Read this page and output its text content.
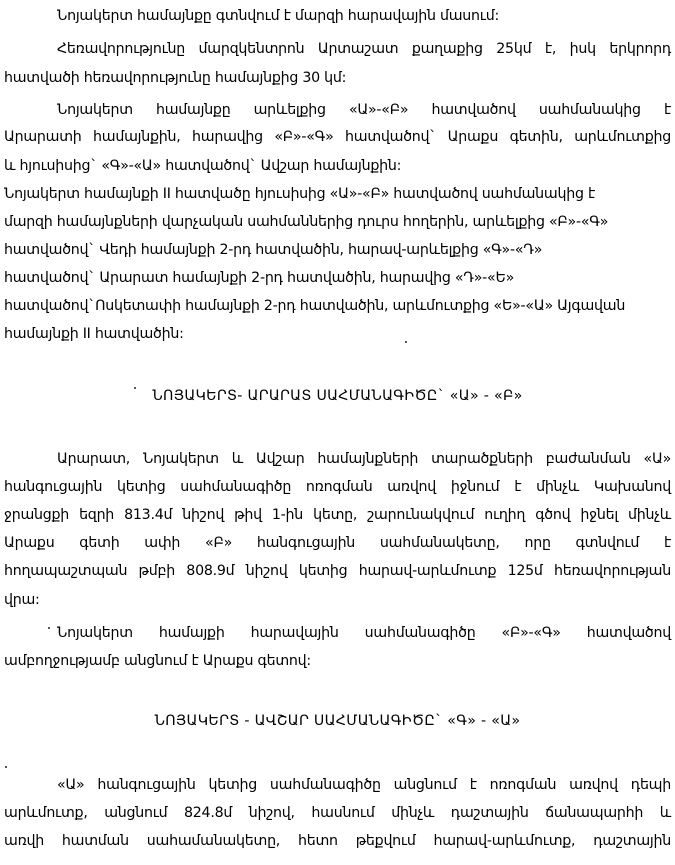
Նոյակերտ համայնքը գտնվում է մարզի հարավային մասում:
Հեռավորությունը մարզկենտրոն Արտաշատ քաղաքից 25կմ է, իսկ երկրորդ
հատվածի հեռավորությունը համայնքից 30 կմ:
Նոյակերտ համայնքը արևելքից «Ա»-«Բ» հատվածով սահմանակից է
Արարատի համայնքին, հարավից «Բ»-«Գ» հատվածով` Արաքս գետին, արևմուտքից
և հյուսիսից` «Գ»-«Ա» հատվածով` Ավշար համայնքին:
Նոյակերտ համայնքի II հատվածը հյուսիսից «Ա»-«Բ» հատվածով սահմանակից է
մարզի համայնքների վարչական սահմաններից դուրս հողերին, արևելքից «Բ»-«Գ»
հատվածով` Վեդի համայնքի 2-րդ հատվածին, հարավ-արևելքից «Գ»-«Դ»
հատվածով` Արարատ համայնքի 2-րդ հատվածին, հարավից «Դ»-«Ե»
հատվածով`Ոսկետափի համայնքի 2-րդ հատվածին, արևմուտքից «Ե»-«Ա» Այգավան
համայնքի II հատվածին:
ՆՈՅԱԿԵՐՏ- ԱՐԱՐԱՏ ՍԱՀՄԱՆԱԳԻԾԸ` «Ա» - «Բ»
Արարատ, Նոյակերտ և Ավշար համայնքների տարածքների բաժանման «Ա»
հանգուցային կետից սահմանագիծը ոռոգման առվով իջնում է մինչև Կախանով
ջրանցքի եզրի 813.4մ նիշով թիվ 1-ին կետը, շարունակվում ուղիղ գծով իջնել մինչև
Արաքս գետի ափի «Բ» հանգուցային սահմանակետը, որը գտնվում է
հողապաշտպան թմբի 808.9մ նիշով կետից հարավ-արևմուտք 125մ հեռավորության
վրա:
Նոյակերտ համայքի հարավային սահմանագիծը «Բ»-«Գ» հատվածով
ամբողջությամբ անցնում է Արաքս գետով:
ՆՈՅԱԿԵՐՏ - ԱՎՇԱՐ ՍԱՀՄԱՆԱԳԻԾԸ` «Գ» - «Ա»
«Ա» հանգուցային կետից սահմանագիծը անցնում է ոռոգման առվով դեպի
արևմուտք, անցնում 824.8մ նիշով, հասնում մինչև դաշտային ճանապարհի և
առվի հատման սահամանակետը, հետո թեքվում հարավ-արևմուտք, դաշտային
